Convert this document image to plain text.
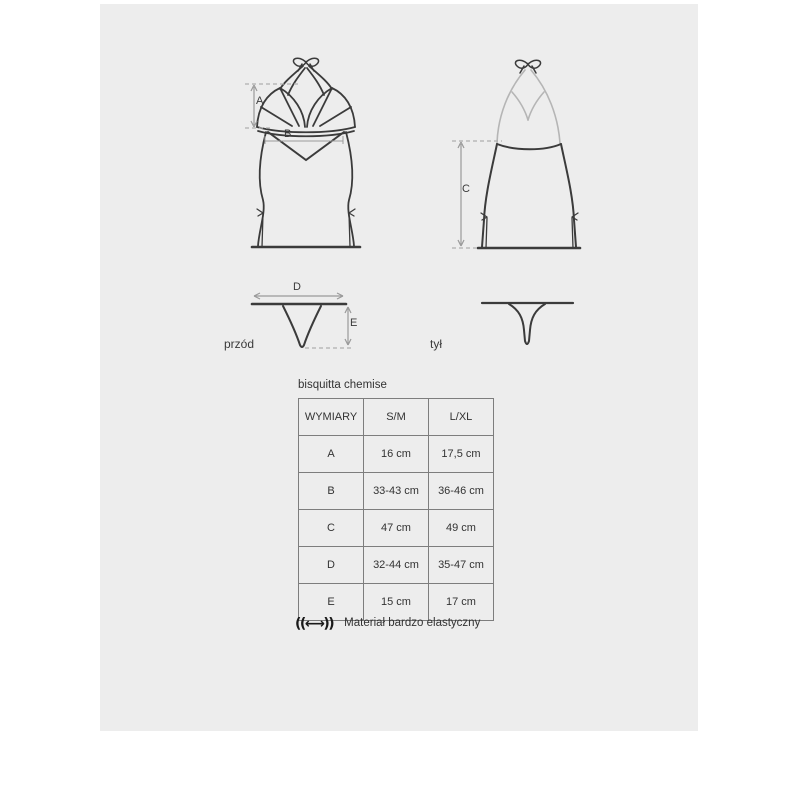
A
B
C
D
E
przód	tył
bisquitta chemise
WYMIARY	S/M	L/XL
A	16 cm	17,5 cm
B	33-43 cm	36-46 cm
C	47 cm	49 cm
D	32-44 cm	35-47 cm
E	15 cm	17 cm
((⟷)) Materiał bardzo elastyczny
